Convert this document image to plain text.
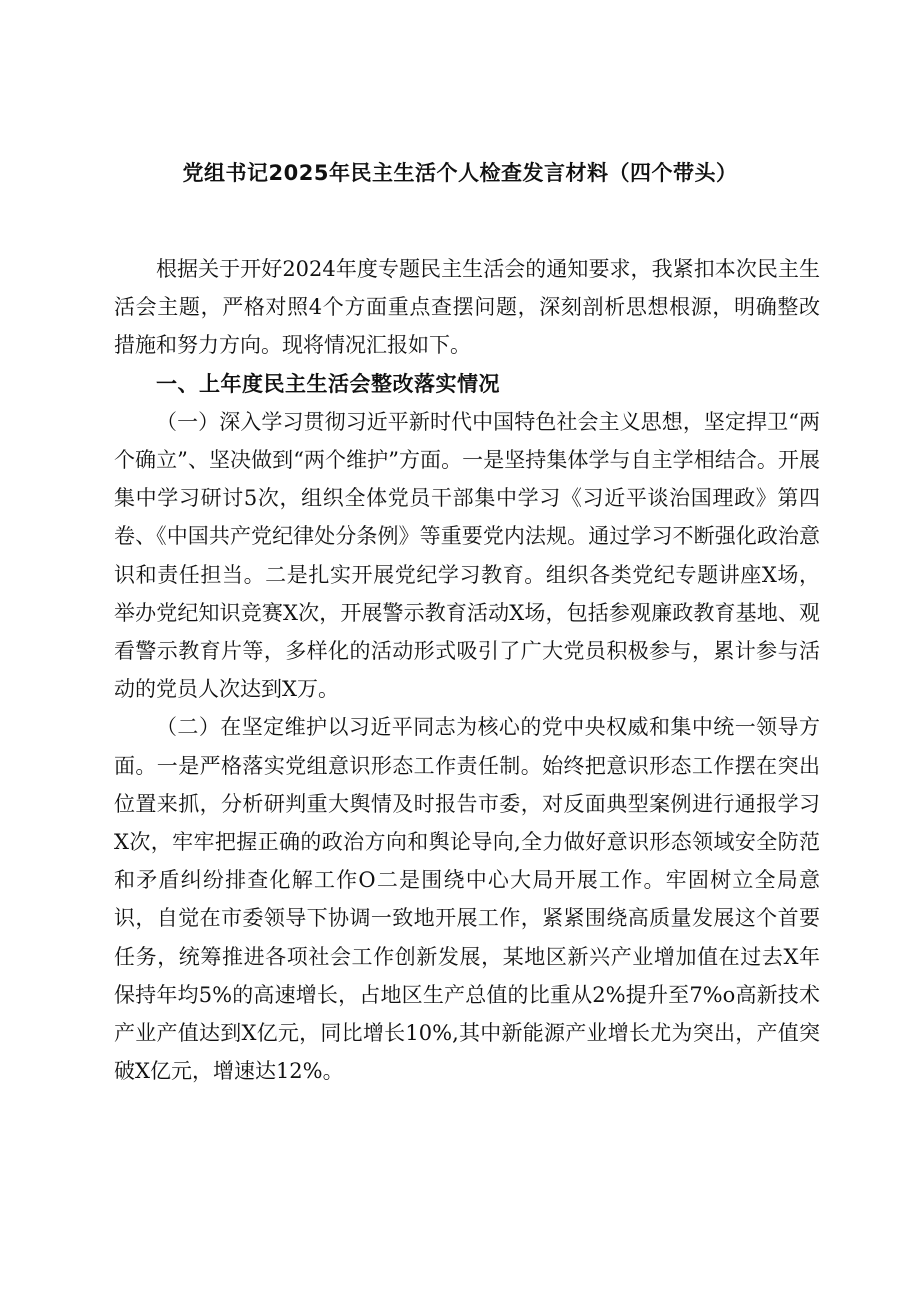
党组书记2025年民主生活个人检查发言材料（四个带头）

根据关于开好2024年度专题民主生活会的通知要求，我紧扣本次民主生活会主题，严格对照4个方面重点查摆问题，深刻剖析思想根源，明确整改措施和努力方向。现将情况汇报如下。

一、上年度民主生活会整改落实情况

（一）深入学习贯彻习近平新时代中国特色社会主义思想，坚定捍卫“两个确立”、坚决做到“两个维护”方面。一是坚持集体学与自主学相结合。开展集中学习研讨5次，组织全体党员干部集中学习《习近平谈治国理政》第四卷、《中国共产党纪律处分条例》等重要党内法规。通过学习不断强化政治意识和责任担当。二是扎实开展党纪学习教育。组织各类党纪专题讲座X场，举办党纪知识竞赛X次，开展警示教育活动X场，包括参观廉政教育基地、观看警示教育片等，多样化的活动形式吸引了广大党员积极参与，累计参与活动的党员人次达到X万。

（二）在坚定维护以习近平同志为核心的党中央权威和集中统一领导方面。一是严格落实党组意识形态工作责任制。始终把意识形态工作摆在突出位置来抓，分析研判重大舆情及时报告市委，对反面典型案例进行通报学习X次，牢牢把握正确的政治方向和舆论导向,全力做好意识形态领域安全防范和矛盾纠纷排查化解工作O二是围绕中心大局开展工作。牢固树立全局意识，自觉在市委领导下协调一致地开展工作，紧紧围绕高质量发展这个首要任务，统筹推进各项社会工作创新发展，某地区新兴产业增加值在过去X年保持年均5%的高速增长，占地区生产总值的比重从2%提升至7%o高新技术产业产值达到X亿元，同比增长10%,其中新能源产业增长尤为突出，产值突破X亿元，增速达12%。
